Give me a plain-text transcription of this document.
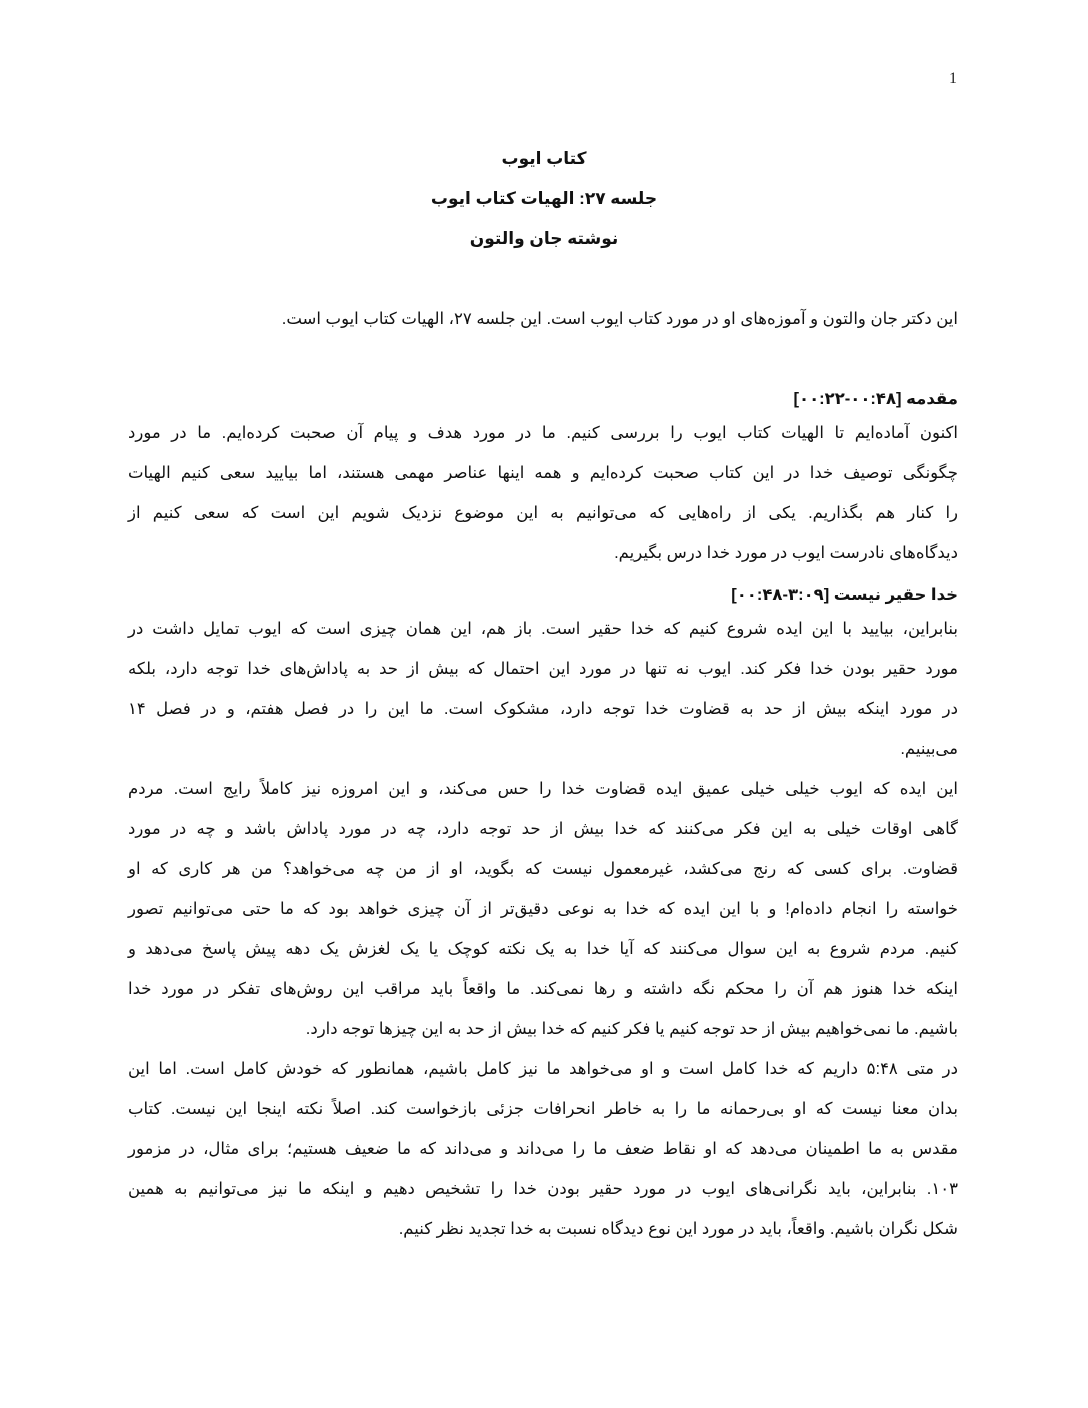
1
کتاب ایوب
جلسه ۲۷: الهیات کتاب ایوب
نوشته جان والتون
این دکتر جان والتون و آموزه‌های او در مورد کتاب ایوب است. این جلسه ۲۷، الهیات کتاب ایوب است.
مقدمه [۰۰:۲۲-۰۰:۴۸]
اکنون آماده‌ایم تا الهیات کتاب ایوب را بررسی کنیم. ما در مورد هدف و پیام آن صحبت کرده‌ایم. ما در مورد
چگونگی توصیف خدا در این کتاب صحبت کرده‌ایم و همه اینها عناصر مهمی هستند، اما بیایید سعی کنیم الهیات
را کنار هم بگذاریم. یکی از راه‌هایی که می‌توانیم به این موضوع نزدیک شویم این است که سعی کنیم از
دیدگاه‌های نادرست ایوب در مورد خدا درس بگیریم.
خدا حقیر نیست [۰۰:۴۸-۳:۰۹]
بنابراین، بیایید با این ایده شروع کنیم که خدا حقیر است. باز هم، این همان چیزی است که ایوب تمایل داشت در
مورد حقیر بودن خدا فکر کند. ایوب نه تنها در مورد این احتمال که بیش از حد به پاداش‌های خدا توجه دارد، بلکه
در مورد اینکه بیش از حد به قضاوت خدا توجه دارد، مشکوک است. ما این را در فصل هفتم، و در فصل ۱۴
می‌بینیم.
این ایده که ایوب خیلی خیلی عمیق ایده قضاوت خدا را حس می‌کند، و این امروزه نیز کاملاً رایج است. مردم
گاهی اوقات خیلی به این فکر می‌کنند که خدا بیش از حد توجه دارد، چه در مورد پاداش باشد و چه در مورد
قضاوت. برای کسی که رنج می‌کشد، غیرمعمول نیست که بگوید، او از من چه می‌خواهد؟ من هر کاری که او
خواسته را انجام داده‌ام! و با این ایده که خدا به نوعی دقیق‌تر از آن چیزی خواهد بود که ما حتی می‌توانیم تصور
کنیم. مردم شروع به این سوال می‌کنند که آیا خدا به یک نکته کوچک یا یک لغزش یک دهه پیش پاسخ می‌دهد و
اینکه خدا هنوز هم آن را محکم نگه داشته و رها نمی‌کند. ما واقعاً باید مراقب این روش‌های تفکر در مورد خدا
باشیم. ما نمی‌خواهیم بیش از حد توجه کنیم یا فکر کنیم که خدا بیش از حد به این چیزها توجه دارد.
در متی ۵:۴۸ داریم که خدا کامل است و او می‌خواهد ما نیز کامل باشیم، همانطور که خودش کامل است. اما این
بدان معنا نیست که او بی‌رحمانه ما را به خاطر انحرافات جزئی بازخواست کند. اصلاً نکته اینجا این نیست. کتاب
مقدس به ما اطمینان می‌دهد که او نقاط ضعف ما را می‌داند و می‌داند که ما ضعیف هستیم؛ برای مثال، در مزمور
۱۰۳. بنابراین، باید نگرانی‌های ایوب در مورد حقیر بودن خدا را تشخیص دهیم و اینکه ما نیز می‌توانیم به همین
شکل نگران باشیم. واقعاً، باید در مورد این نوع دیدگاه نسبت به خدا تجدید نظر کنیم.
